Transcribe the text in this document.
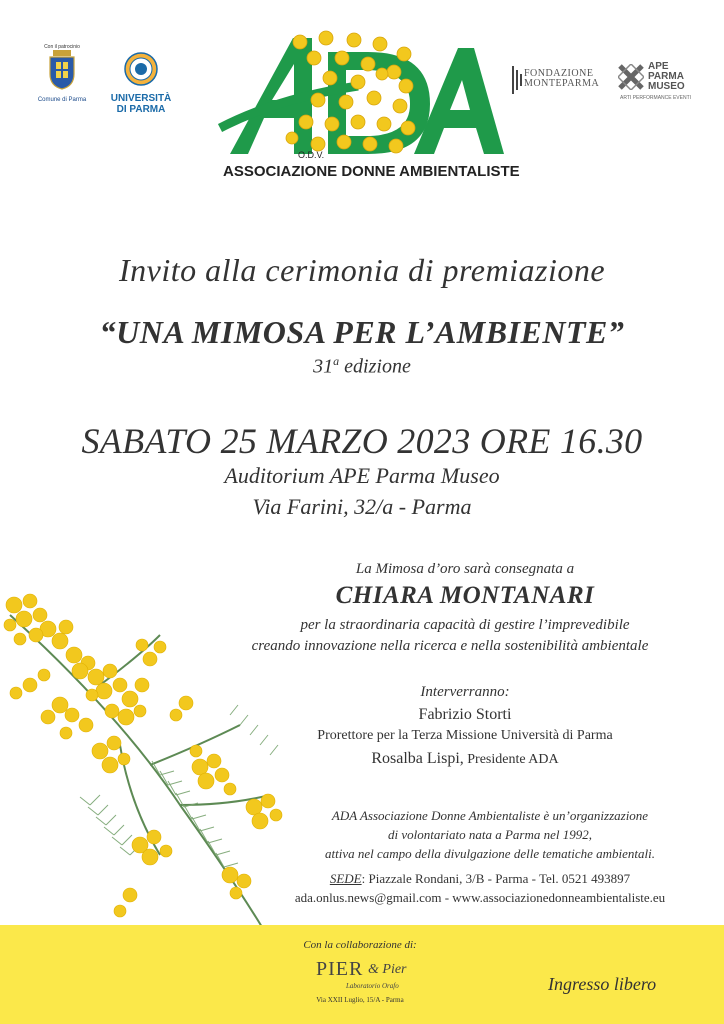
Con il patrocinio
Comune di Parma	UNIVERSITÀ
DI PARMA
FONDAZIONE
MONTEPARMA
APE
PARMA
MUSEO
ARTI PERFORMANCE EVENTI
O.D.V.
ASSOCIAZIONE DONNE AMBIENTALISTE
Invito alla cerimonia di premiazione
“UNA MIMOSA PER L’AMBIENTE”
31$^a$ edizione
SABATO 25 MARZO 2023 ORE 16.30
Auditorium APE Parma Museo
Via Farini, 32/a - Parma
La Mimosa d’oro sarà consegnata a
CHIARA MONTANARI
per la straordinaria capacità di gestire l’imprevedibile
creando innovazione nella ricerca e nella sostenibilità ambientale
Interverranno:
Fabrizio Storti
Prorettore per la Terza Missione Università di Parma
Rosalba Lispi, Presidente ADA
ADA Associazione Donne Ambientaliste è un’organizzazione
di volontariato nata a Parma nel 1992,
attiva nel campo della divulgazione delle tematiche ambientali.
SEDE: Piazzale Rondani, 3/B - Parma - Tel. 0521 493897
ada.onlus.news@gmail.com - www.associazionedonneambientaliste.eu
Con la collaborazione di:
PIER & Pier
Laboratorio Orafo
Via XXII Luglio, 15/A - Parma
Ingresso libero
